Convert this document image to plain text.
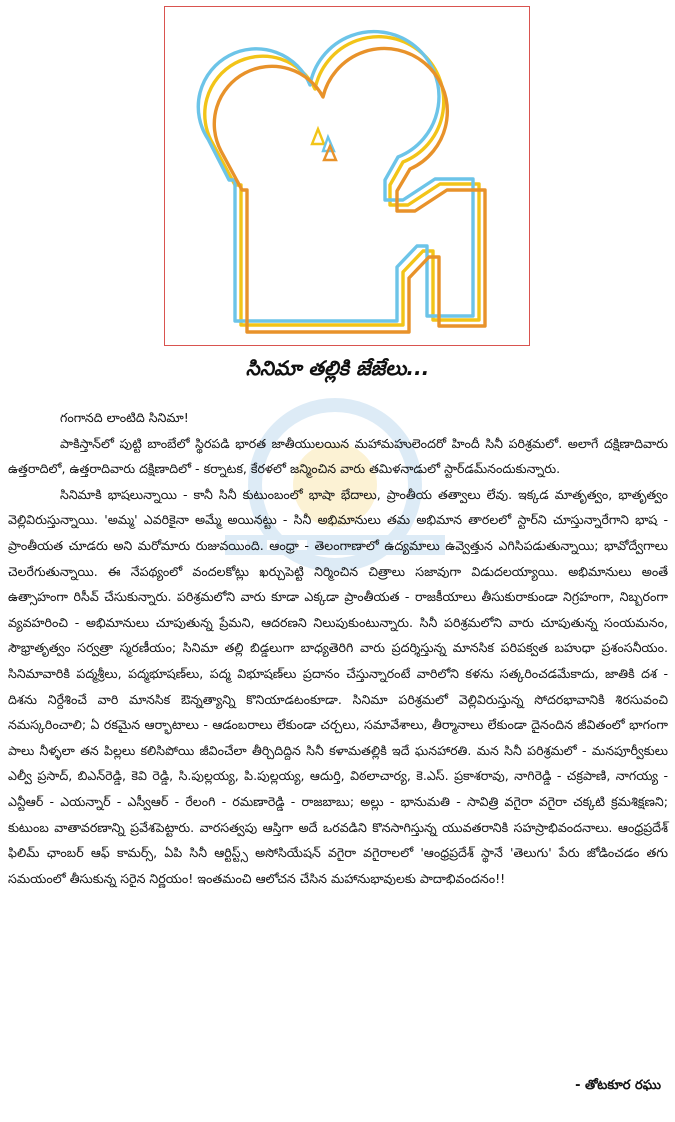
సినిమా తల్లికి జేజేలు...

గంగానది లాంటిది సినిమా!

పాకిస్తాన్‌లో పుట్టి బాంబేలో స్థిరపడి భారత జాతీయులయిన మహామహులెందరో హిందీ సినీ పరిశ్రమలో. అలాగే దక్షిణాదివారు ఉత్తరాదిలో, ఉత్తరాదివారు దక్షిణాదిలో - కర్నాటక, కేరళలో జన్మించిన వారు తమిళనాడులో స్టార్‌డమ్‌నందుకున్నారు.

సినిమాకి భాషలున్నాయి - కానీ సినీ కుటుంబంలో భాషా భేదాలు, ప్రాంతీయ తత్వాలు లేవు. ఇక్కడ మాతృత్వం, భాతృత్వం వెల్లివిరుస్తున్నాయి. 'అమ్మ' ఎవరికైనా అమ్మే అయినట్టు - సినీ అభిమానులు తమ అభిమాన తారలలో స్టార్‌ని చూస్తున్నారేగాని భాష - ప్రాంతీయత చూడరు అని మరోమారు రుజువయింది. ఆంధ్రా - తెలంగాణాలో ఉద్యమాలు ఉవ్వెత్తున ఎగిసిపడుతున్నాయి; భావోద్వేగాలు చెలరేగుతున్నాయి. ఈ నేపథ్యంలో వందలకోట్లు ఖర్చుపెట్టి నిర్మించిన చిత్రాలు సజావుగా విడుదలయ్యాయి. అభిమానులు అంతే ఉత్సాహంగా రిసీవ్ చేసుకున్నారు. పరిశ్రమలోని వారు కూడా ఎక్కడా ప్రాంతీయత - రాజకీయాలు తీసుకురాకుండా నిగ్రహంగా, నిబ్బరంగా వ్యవహరించి - అభిమానులు చూపుతున్న ప్రేమని, ఆదరణని నిలుపుకుంటున్నారు. సినీ పరిశ్రమలోని వారు చూపుతున్న సంయమనం, సౌభ్రాతృత్వం సర్వత్రా స్మరణీయం; సినిమా తల్లి బిడ్డలుగా బాధ్యతెరిగి వారు ప్రదర్శిస్తున్న మానసిక పరిపక్వత బహుధా ప్రశంసనీయం. సినిమావారికి పద్మశ్రీలు, పద్మభూషణ్‌లు, పద్మ విభూషణ్‌లు ప్రదానం చేస్తున్నారంటే వారిలోని కళను సత్కరించడమేకాదు, జాతికి దశ - దిశను నిర్దేశించే వారి మానసిక ఔన్నత్యాన్ని కొనియాడటంకూడా. సినిమా పరిశ్రమలో వెల్లివిరుస్తున్న సోదరభావానికి శిరసువంచి నమస్కరించాలి; ఏ రకమైన ఆర్భాటాలు - ఆడంబరాలు లేకుండా చర్చలు, సమావేశాలు, తీర్మానాలు లేకుండా దైనందిన జీవితంలో భాగంగా పాలు నీళ్ళలా తన పిల్లలు కలిసిపోయి జీవించేలా తీర్చిదిద్దిన సినీ కళామతల్లికి ఇదే ఘనహారతి. మన సినీ పరిశ్రమలో - మనపూర్వీకులు ఎల్వీ ప్రసాద్, బిఎన్‌రెడ్డి, కెవి రెడ్డి, సి.పుల్లయ్య, పి.పుల్లయ్య, ఆదుర్తి, విఠలాచార్య, కె.ఎస్. ప్రకాశరావు, నాగిరెడ్డి - చక్రపాణి, నాగయ్య - ఎన్టీఆర్ - ఎయన్నార్ - ఎస్వీఆర్ - రేలంగి - రమణారెడ్డి - రాజబాబు; అల్లు - భానుమతి - సావిత్రి వగైరా వగైరా చక్కటి క్రమశిక్షణని; కుటుంబ వాతావరణాన్ని ప్రవేశపెట్టారు. వారసత్వపు ఆస్తిగా అదే ఒరవడిని కొనసాగిస్తున్న యువతరానికి సహస్రాభివందనాలు. ఆంధ్రప్రదేశ్ ఫిలిమ్ ఛాంబర్ ఆఫ్ కామర్స్, ఏపి సినీ ఆర్టిస్ట్స్ అసోసియేషన్ వగైరా వగైరాలలో 'ఆంధ్రప్రదేశ్ స్థానే 'తెలుగు' పేరు జోడించడం తగు సమయంలో తీసుకున్న సరైన నిర్ణయం! ఇంతమంచి ఆలోచన చేసిన మహానుభావులకు పాదాభివందనం!!

- తోటకూర రఘు
